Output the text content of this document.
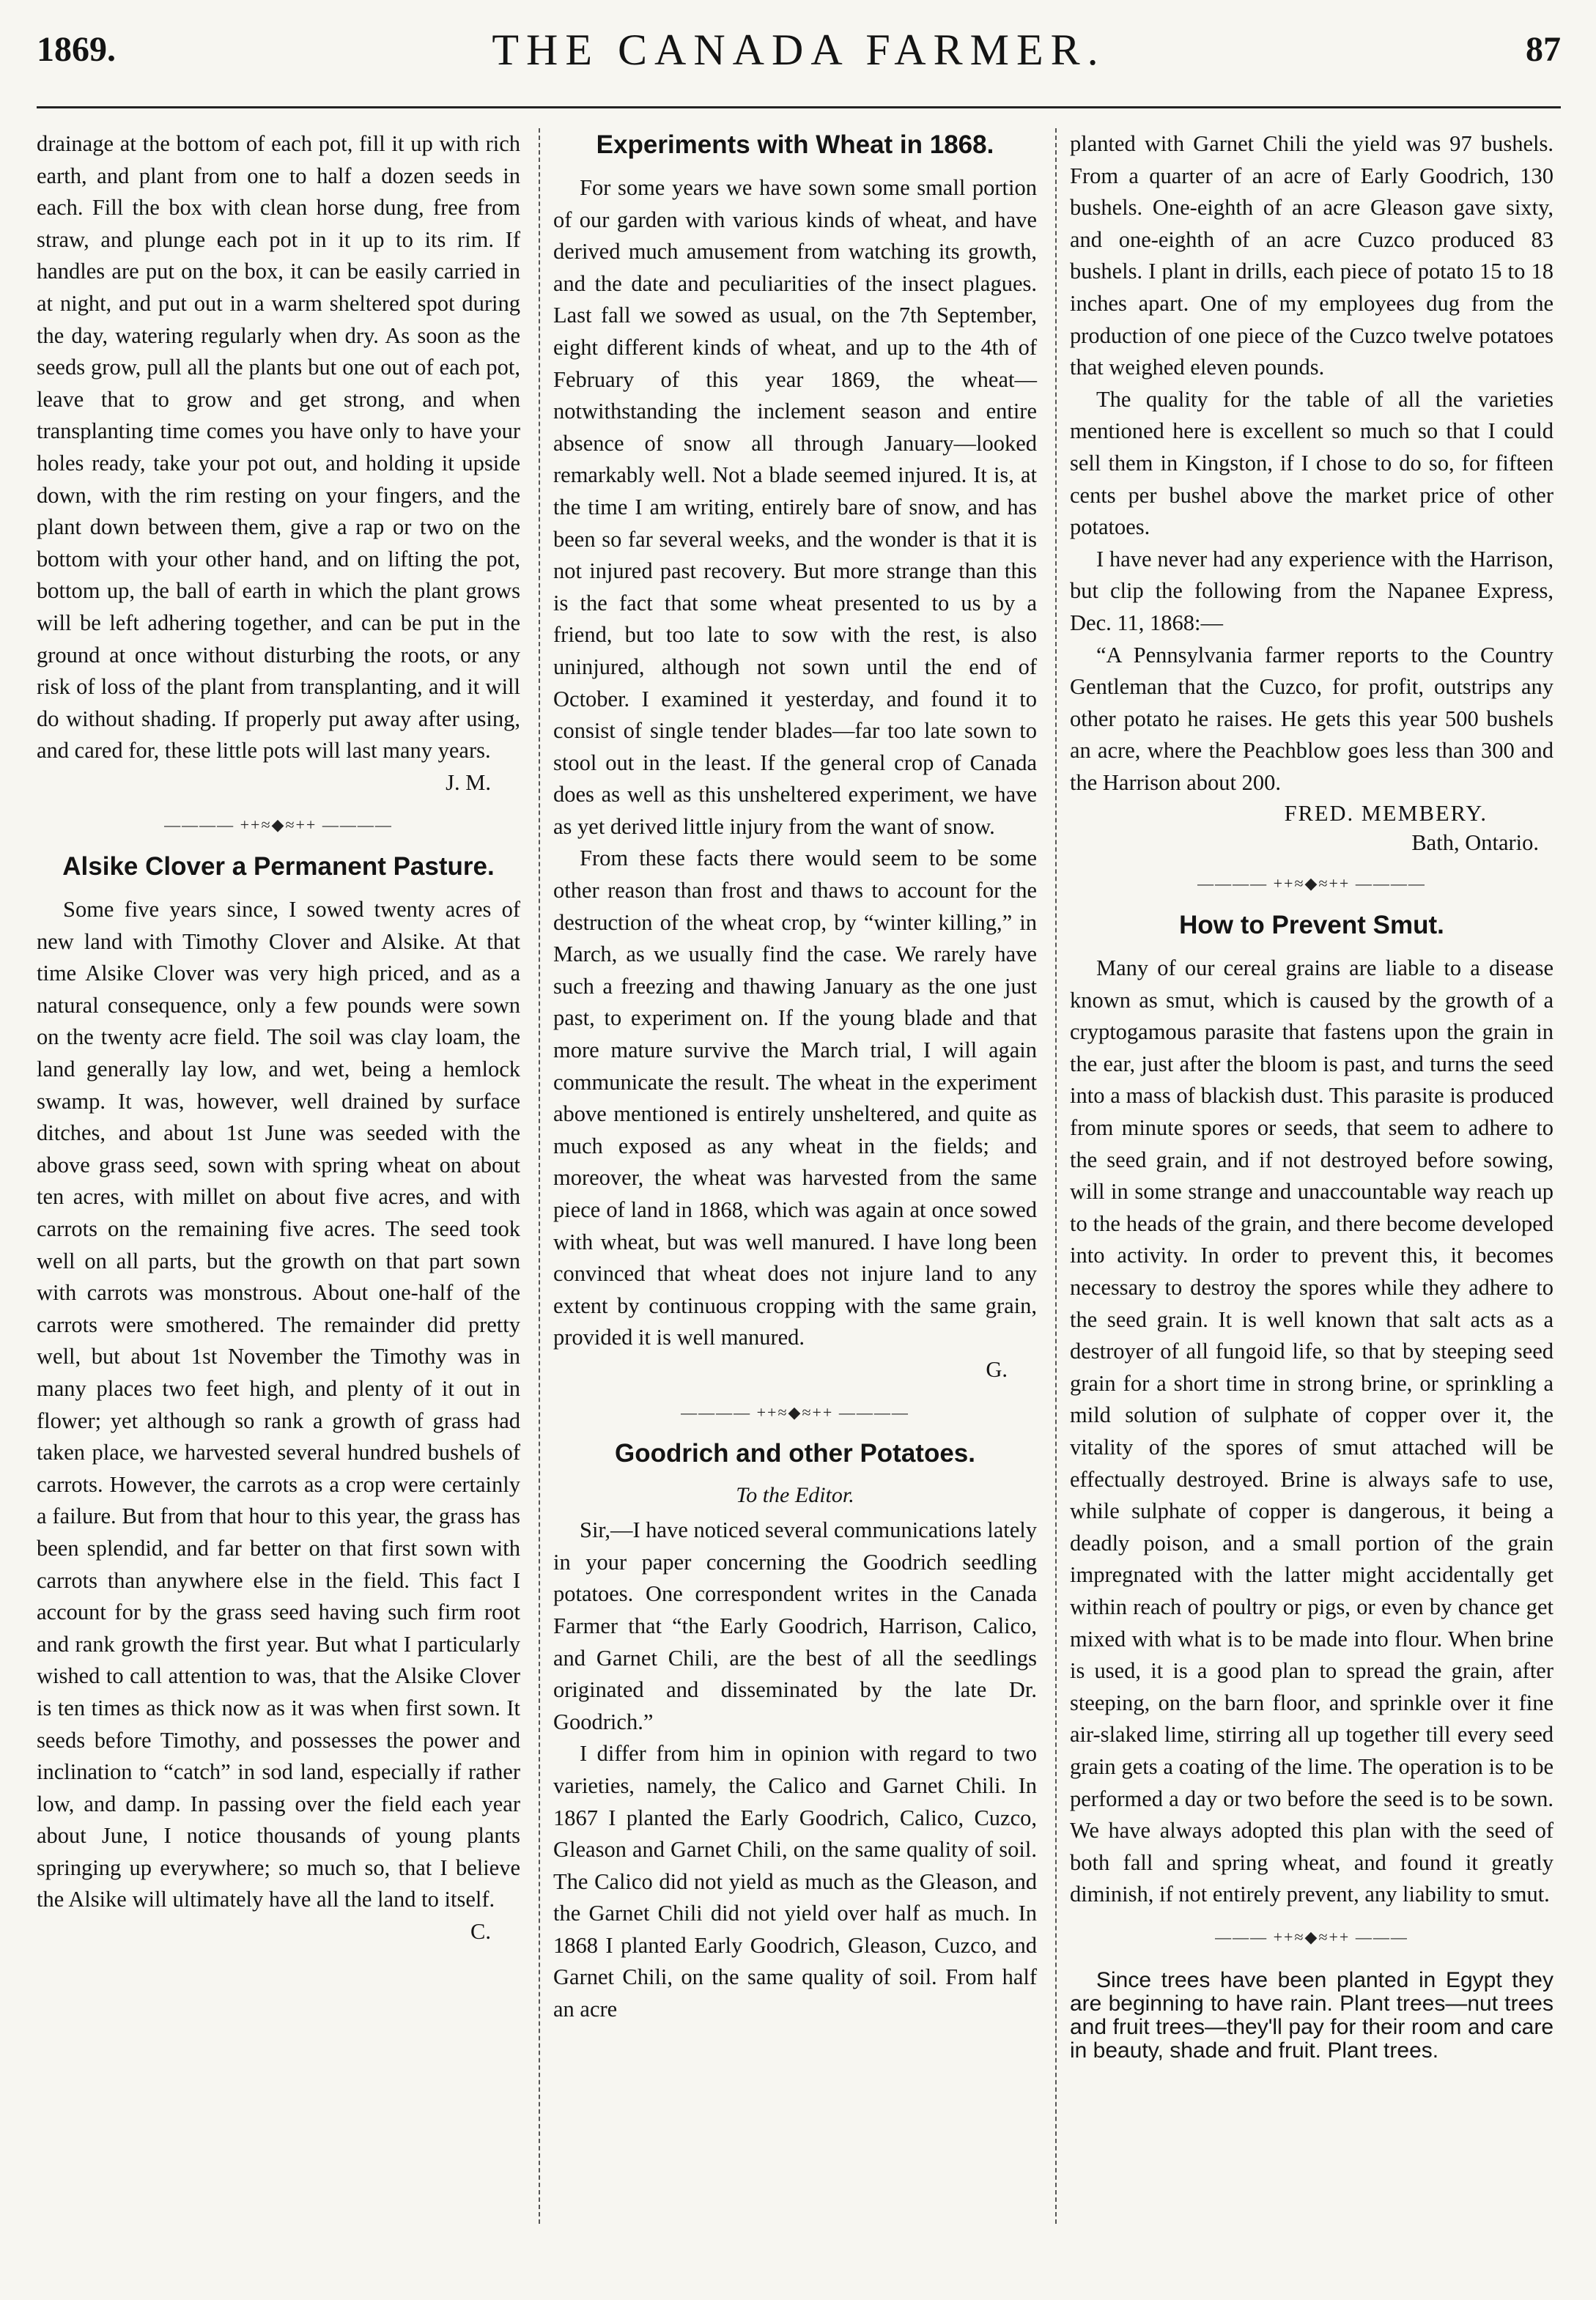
1869.	THE CANADA FARMER.	87

drainage at the bottom of each pot, fill it up with rich earth, and plant from one to half a dozen seeds in each. Fill the box with clean horse dung, free from straw, and plunge each pot in it up to its rim. If handles are put on the box, it can be easily carried in at night, and put out in a warm sheltered spot during the day, watering regularly when dry. As soon as the seeds grow, pull all the plants but one out of each pot, leave that to grow and get strong, and when transplanting time comes you have only to have your holes ready, take your pot out, and holding it upside down, with the rim resting on your fingers, and the plant down between them, give a rap or two on the bottom with your other hand, and on lifting the pot, bottom up, the ball of earth in which the plant grows will be left adhering together, and can be put in the ground at once without disturbing the roots, or any risk of loss of the plant from transplanting, and it will do without shading. If properly put away after using, and cared for, these little pots will last many years.

J. M.

———— ++≈◆≈++ ————
Alsike Clover a Permanent Pasture.

Some five years since, I sowed twenty acres of new land with Timothy Clover and Alsike. At that time Alsike Clover was very high priced, and as a natural consequence, only a few pounds were sown on the twenty acre field. The soil was clay loam, the land generally lay low, and wet, being a hemlock swamp. It was, however, well drained by surface ditches, and about 1st June was seeded with the above grass seed, sown with spring wheat on about ten acres, with millet on about five acres, and with carrots on the remaining five acres. The seed took well on all parts, but the growth on that part sown with carrots was monstrous. About one-half of the carrots were smothered. The remainder did pretty well, but about 1st November the Timothy was in many places two feet high, and plenty of it out in flower; yet although so rank a growth of grass had taken place, we harvested several hundred bushels of carrots. However, the carrots as a crop were certainly a failure. But from that hour to this year, the grass has been splendid, and far better on that first sown with carrots than anywhere else in the field. This fact I account for by the grass seed having such firm root and rank growth the first year. But what I particularly wished to call attention to was, that the Alsike Clover is ten times as thick now as it was when first sown. It seeds before Timothy, and possesses the power and inclination to “catch” in sod land, especially if rather low, and damp. In passing over the field each year about June, I notice thousands of young plants springing up everywhere; so much so, that I believe the Alsike will ultimately have all the land to itself.

C.

Experiments with Wheat in 1868.

For some years we have sown some small portion of our garden with various kinds of wheat, and have derived much amusement from watching its growth, and the date and peculiarities of the insect plagues. Last fall we sowed as usual, on the 7th September, eight different kinds of wheat, and up to the 4th of February of this year 1869, the wheat—notwithstanding the inclement season and entire absence of snow all through January—looked remarkably well. Not a blade seemed injured. It is, at the time I am writing, entirely bare of snow, and has been so far several weeks, and the wonder is that it is not injured past recovery. But more strange than this is the fact that some wheat presented to us by a friend, but too late to sow with the rest, is also uninjured, although not sown until the end of October. I examined it yesterday, and found it to consist of single tender blades—far too late sown to stool out in the least. If the general crop of Canada does as well as this unsheltered experiment, we have as yet derived little injury from the want of snow.

From these facts there would seem to be some other reason than frost and thaws to account for the destruction of the wheat crop, by “winter killing,” in March, as we usually find the case. We rarely have such a freezing and thawing January as the one just past, to experiment on. If the young blade and that more mature survive the March trial, I will again communicate the result. The wheat in the experiment above mentioned is entirely unsheltered, and quite as much exposed as any wheat in the fields; and moreover, the wheat was harvested from the same piece of land in 1868, which was again at once sowed with wheat, but was well manured. I have long been convinced that wheat does not injure land to any extent by continuous cropping with the same grain, provided it is well manured.

G.

———— ++≈◆≈++ ————
Goodrich and other Potatoes.
To the Editor.

Sir,—I have noticed several communications lately in your paper concerning the Goodrich seedling potatoes. One correspondent writes in the Canada Farmer that “the Early Goodrich, Harrison, Calico, and Garnet Chili, are the best of all the seedlings originated and disseminated by the late Dr. Goodrich.”

I differ from him in opinion with regard to two varieties, namely, the Calico and Garnet Chili. In 1867 I planted the Early Goodrich, Calico, Cuzco, Gleason and Garnet Chili, on the same quality of soil. The Calico did not yield as much as the Gleason, and the Garnet Chili did not yield over half as much. In 1868 I planted Early Goodrich, Gleason, Cuzco, and Garnet Chili, on the same quality of soil. From half an acre

planted with Garnet Chili the yield was 97 bushels. From a quarter of an acre of Early Goodrich, 130 bushels. One-eighth of an acre Gleason gave sixty, and one-eighth of an acre Cuzco produced 83 bushels. I plant in drills, each piece of potato 15 to 18 inches apart. One of my employees dug from the production of one piece of the Cuzco twelve potatoes that weighed eleven pounds.

The quality for the table of all the varieties mentioned here is excellent so much so that I could sell them in Kingston, if I chose to do so, for fifteen cents per bushel above the market price of other potatoes.

I have never had any experience with the Harrison, but clip the following from the Napanee Express, Dec. 11, 1868:—

“A Pennsylvania farmer reports to the Country Gentleman that the Cuzco, for profit, outstrips any other potato he raises. He gets this year 500 bushels an acre, where the Peachblow goes less than 300 and the Harrison about 200.

FRED. MEMBERY.
Bath, Ontario.
———— ++≈◆≈++ ————
How to Prevent Smut.

Many of our cereal grains are liable to a disease known as smut, which is caused by the growth of a cryptogamous parasite that fastens upon the grain in the ear, just after the bloom is past, and turns the seed into a mass of blackish dust. This parasite is produced from minute spores or seeds, that seem to adhere to the seed grain, and if not destroyed before sowing, will in some strange and unaccountable way reach up to the heads of the grain, and there become developed into activity. In order to prevent this, it becomes necessary to destroy the spores while they adhere to the seed grain. It is well known that salt acts as a destroyer of all fungoid life, so that by steeping seed grain for a short time in strong brine, or sprinkling a mild solution of sulphate of copper over it, the vitality of the spores of smut attached will be effectually destroyed. Brine is always safe to use, while sulphate of copper is dangerous, it being a deadly poison, and a small portion of the grain impregnated with the latter might accidentally get within reach of poultry or pigs, or even by chance get mixed with what is to be made into flour. When brine is used, it is a good plan to spread the grain, after steeping, on the barn floor, and sprinkle over it fine air-slaked lime, stirring all up together till every seed grain gets a coating of the lime. The operation is to be performed a day or two before the seed is to be sown. We have always adopted this plan with the seed of both fall and spring wheat, and found it greatly diminish, if not entirely prevent, any liability to smut.

——— ++≈◆≈++ ———

Since trees have been planted in Egypt they are beginning to have rain. Plant trees—nut trees and fruit trees—they'll pay for their room and care in beauty, shade and fruit. Plant trees.
